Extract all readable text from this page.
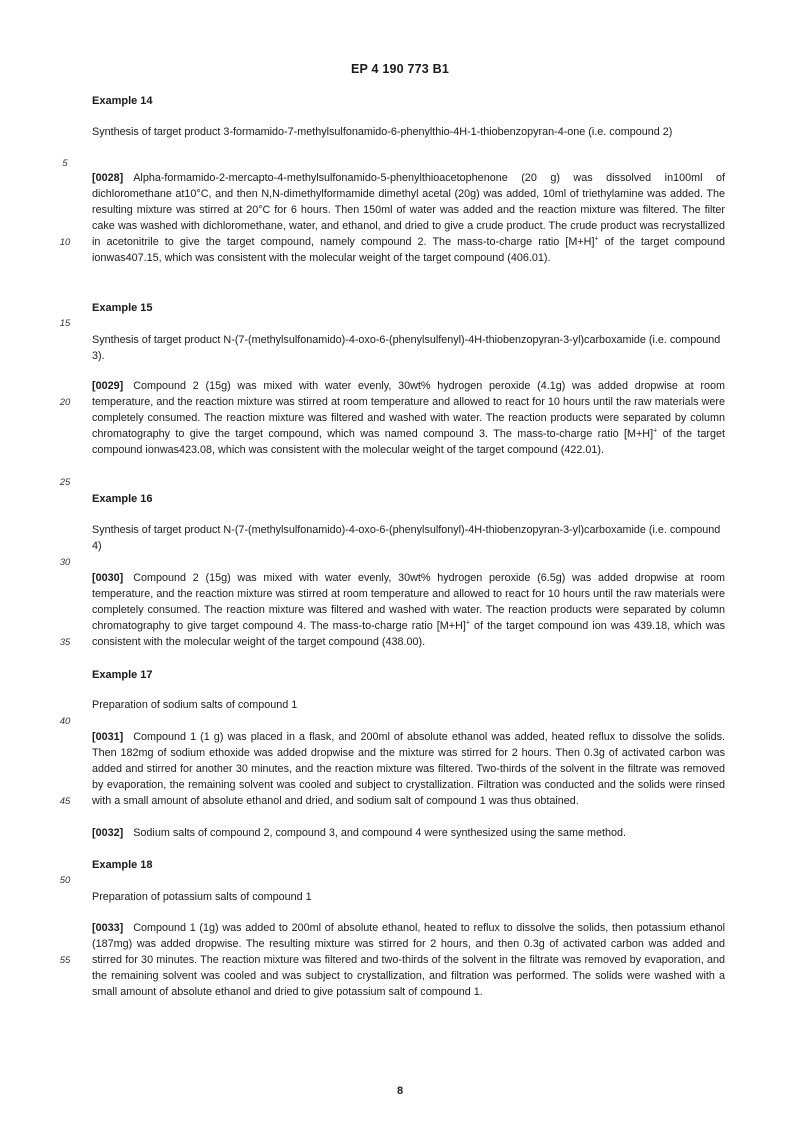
EP 4 190 773 B1
5
10
15
20
25
30
35
40
45
50
55
Example 14

Synthesis of target product 3-formamido-7-methylsulfonamido-6-phenylthio-4H-1-thiobenzopyran-4-one (i.e. compound 2)

[0028] Alpha-formamido-2-mercapto-4-methylsulfonamido-5-phenylthioacetophenone (20 g) was dissolved in100ml of dichloromethane at10°C, and then N,N-dimethylformamide dimethyl acetal (20g) was added, 10ml of triethylamine was added. The resulting mixture was stirred at 20°C for 6 hours. Then 150ml of water was added and the reaction mixture was filtered. The filter cake was washed with dichloromethane, water, and ethanol, and dried to give a crude product. The crude product was recrystallized in acetonitrile to give the target compound, namely compound 2. The mass-to-charge ratio [M+H]+ of the target compound ionwas407.15, which was consistent with the molecular weight of the target compound (406.01).

Example 15

Synthesis of target product N-(7-(methylsulfonamido)-4-oxo-6-(phenylsulfenyl)-4H-thiobenzopyran-3-yl)carboxamide (i.e. compound 3).

[0029] Compound 2 (15g) was mixed with water evenly, 30wt% hydrogen peroxide (4.1g) was added dropwise at room temperature, and the reaction mixture was stirred at room temperature and allowed to react for 10 hours until the raw materials were completely consumed. The reaction mixture was filtered and washed with water. The reaction products were separated by column chromatography to give the target compound, which was named compound 3. The mass-to-charge ratio [M+H]+ of the target compound ionwas423.08, which was consistent with the molecular weight of the target compound (422.01).

Example 16

Synthesis of target product N-(7-(methylsulfonamido)-4-oxo-6-(phenylsulfonyl)-4H-thiobenzopyran-3-yl)carboxamide (i.e. compound 4)

[0030] Compound 2 (15g) was mixed with water evenly, 30wt% hydrogen peroxide (6.5g) was added dropwise at room temperature, and the reaction mixture was stirred at room temperature and allowed to react for 10 hours until the raw materials were completely consumed. The reaction mixture was filtered and washed with water. The reaction products were separated by column chromatography to give target compound 4. The mass-to-charge ratio [M+H]+ of the target compound ion was 439.18, which was consistent with the molecular weight of the target compound (438.00).

Example 17

Preparation of sodium salts of compound 1

[0031] Compound 1 (1 g) was placed in a flask, and 200ml of absolute ethanol was added, heated reflux to dissolve the solids. Then 182mg of sodium ethoxide was added dropwise and the mixture was stirred for 2 hours. Then 0.3g of activated carbon was added and stirred for another 30 minutes, and the reaction mixture was filtered. Two-thirds of the solvent in the filtrate was removed by evaporation, the remaining solvent was cooled and subject to crystallization. Filtration was conducted and the solids were rinsed with a small amount of absolute ethanol and dried, and sodium salt of compound 1 was thus obtained.

[0032] Sodium salts of compound 2, compound 3, and compound 4 were synthesized using the same method.

Example 18

Preparation of potassium salts of compound 1

[0033] Compound 1 (1g) was added to 200ml of absolute ethanol, heated to reflux to dissolve the solids, then potassium ethanol (187mg) was added dropwise. The resulting mixture was stirred for 2 hours, and then 0.3g of activated carbon was added and stirred for 30 minutes. The reaction mixture was filtered and two-thirds of the solvent in the filtrate was removed by evaporation, and the remaining solvent was cooled and was subject to crystallization, and filtration was performed. The solids were washed with a small amount of absolute ethanol and dried to give potassium salt of compound 1.

8
